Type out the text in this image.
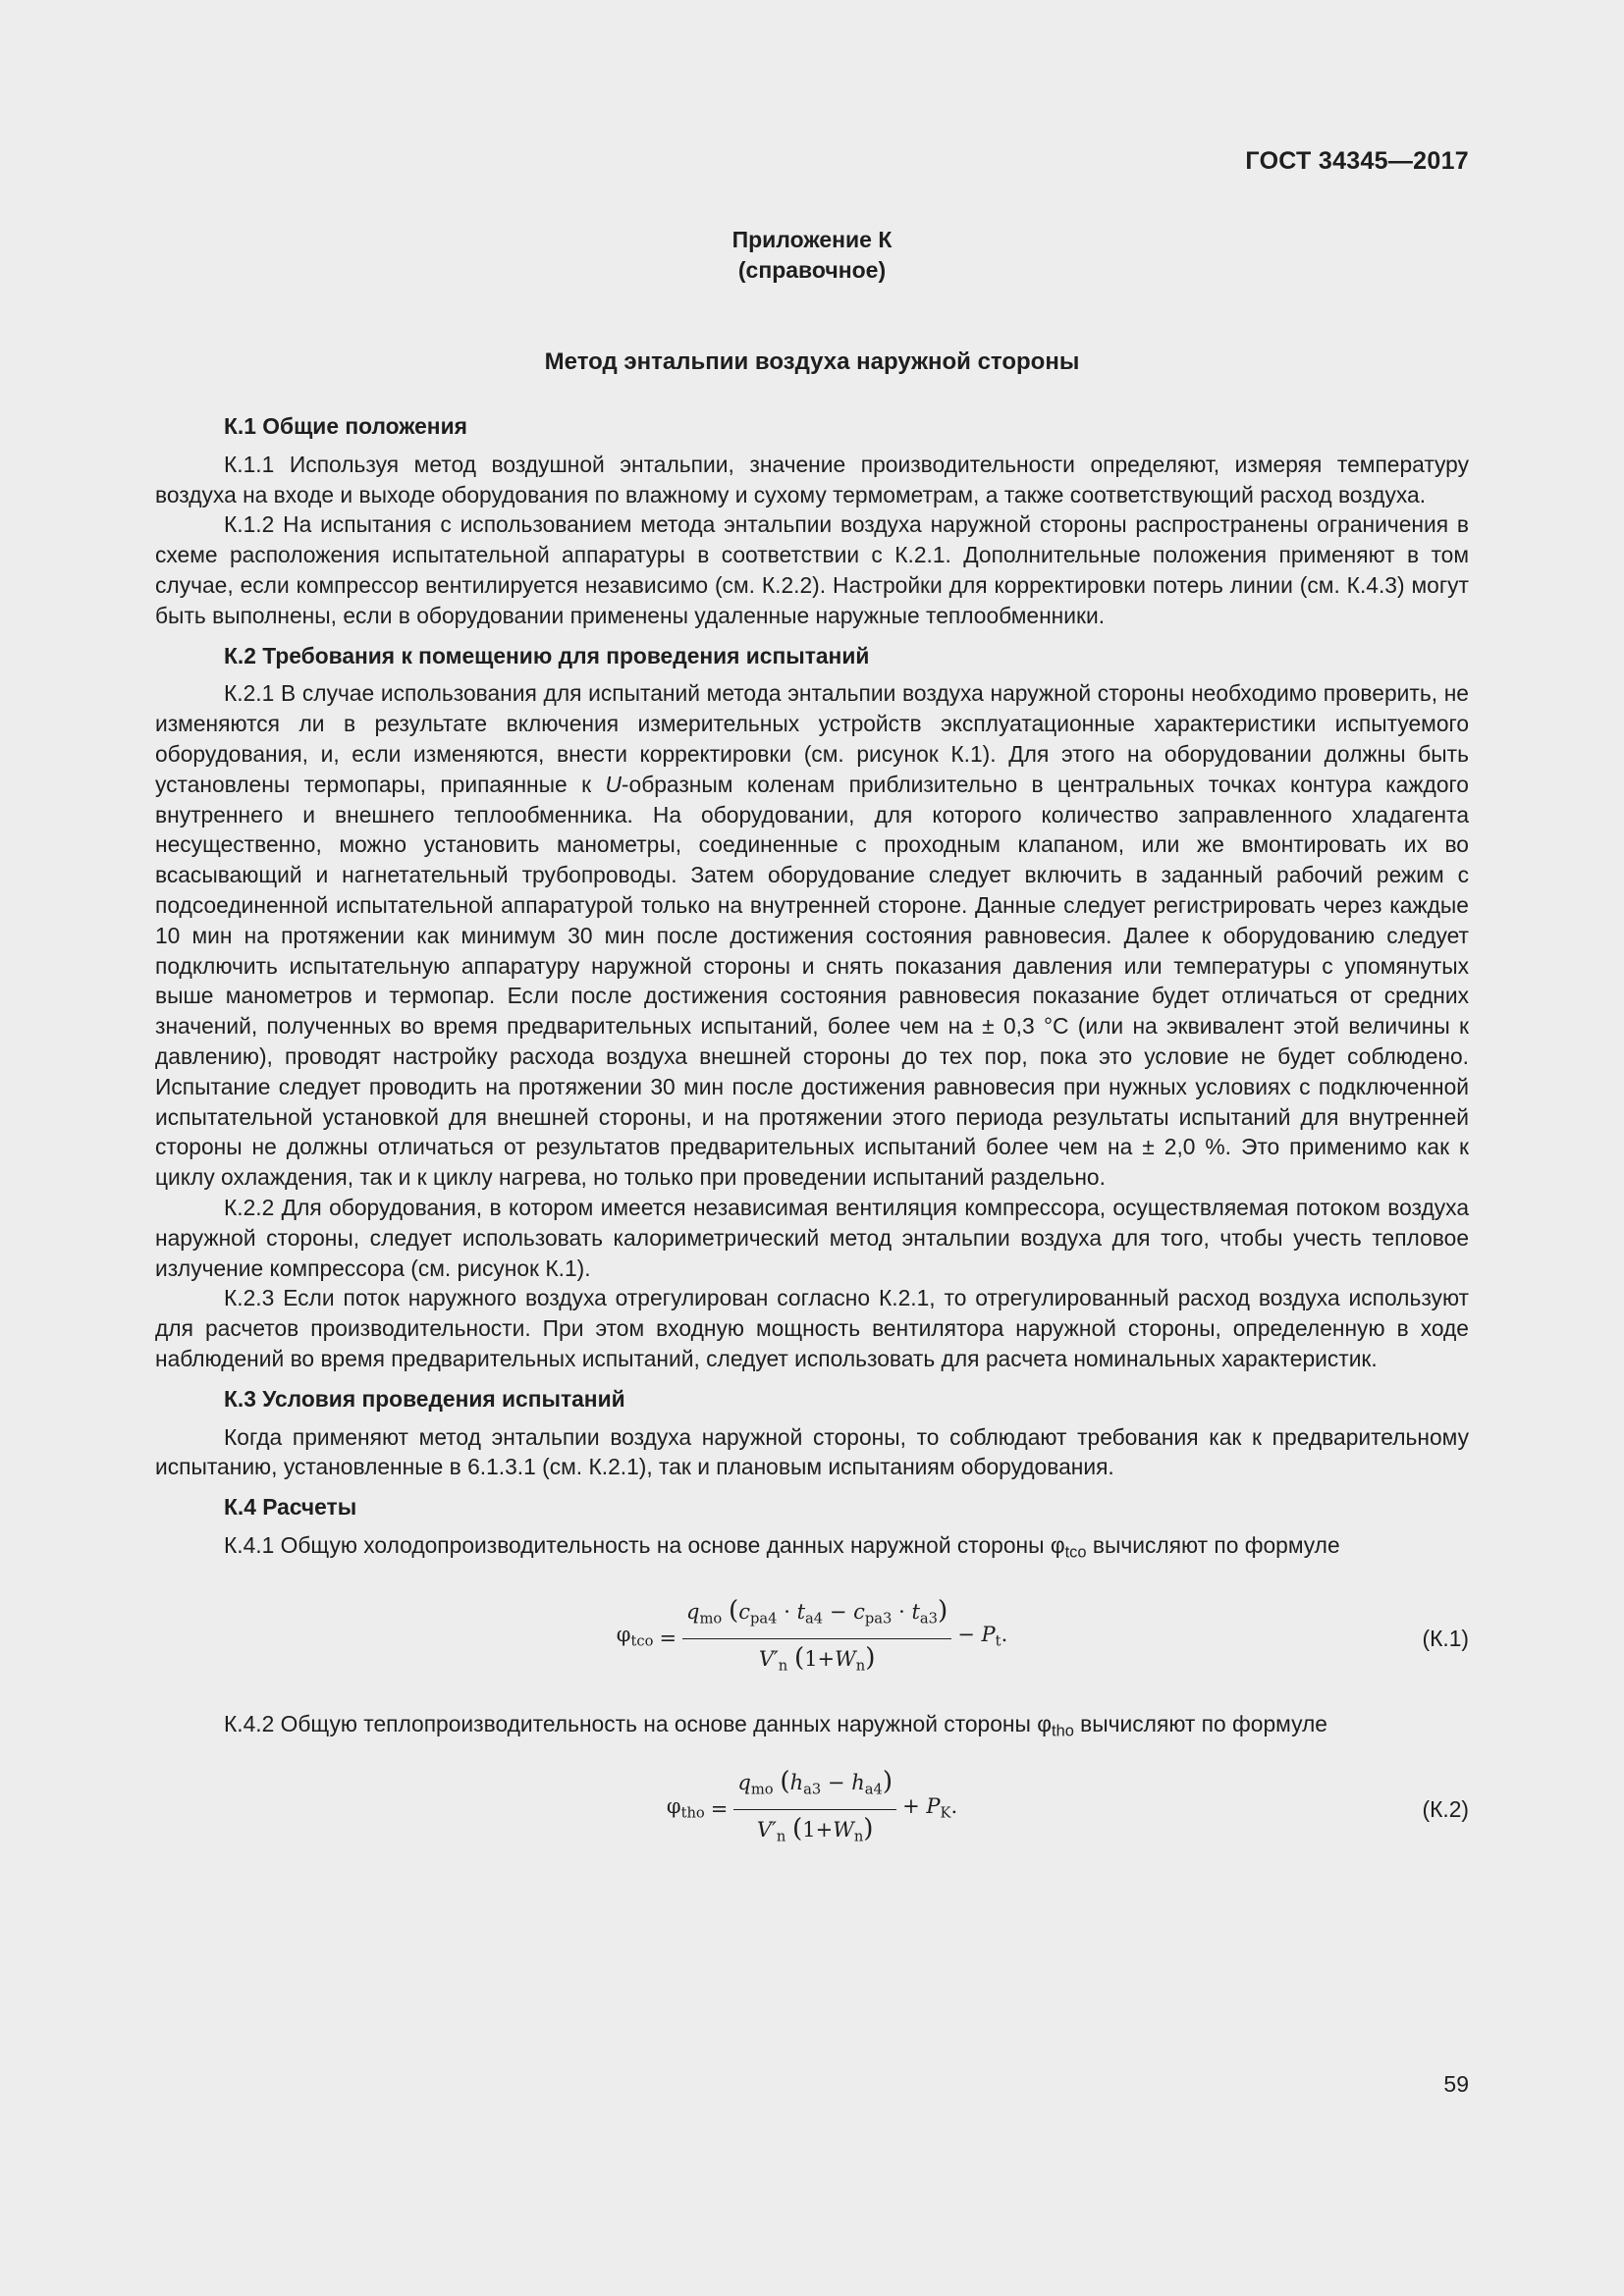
ГОСТ 34345—2017
Приложение К
(справочное)
Метод энтальпии воздуха наружной стороны
К.1 Общие положения

К.1.1 Используя метод воздушной энтальпии, значение производительности определяют, измеряя температуру воздуха на входе и выходе оборудования по влажному и сухому термометрам, а также соответствующий расход воздуха.

К.1.2 На испытания с использованием метода энтальпии воздуха наружной стороны распространены ограничения в схеме расположения испытательной аппаратуры в соответствии с К.2.1. Дополнительные положения применяют в том случае, если компрессор вентилируется независимо (см. К.2.2). Настройки для корректировки потерь линии (см. К.4.3) могут быть выполнены, если в оборудовании применены удаленные наружные теплообменники.

К.2 Требования к помещению для проведения испытаний

К.2.1 В случае использования для испытаний метода энтальпии воздуха наружной стороны необходимо проверить, не изменяются ли в результате включения измерительных устройств эксплуатационные характеристики испытуемого оборудования, и, если изменяются, внести корректировки (см. рисунок К.1). Для этого на оборудовании должны быть установлены термопары, припаянные к U-образным коленам приблизительно в центральных точках контура каждого внутреннего и внешнего теплообменника. На оборудовании, для которого количество заправленного хладагента несущественно, можно установить манометры, соединенные с проходным клапаном, или же вмонтировать их во всасывающий и нагнетательный трубопроводы. Затем оборудование следует включить в заданный рабочий режим с подсоединенной испытательной аппаратурой только на внутренней стороне. Данные следует регистрировать через каждые 10 мин на протяжении как минимум 30 мин после достижения состояния равновесия. Далее к оборудованию следует подключить испытательную аппаратуру наружной стороны и снять показания давления или температуры с упомянутых выше манометров и термопар. Если после достижения состояния равновесия показание будет отличаться от средних значений, полученных во время предварительных испытаний, более чем на ± 0,3 °С (или на эквивалент этой величины к давлению), проводят настройку расхода воздуха внешней стороны до тех пор, пока это условие не будет соблюдено. Испытание следует проводить на протяжении 30 мин после достижения равновесия при нужных условиях с подключенной испытательной установкой для внешней стороны, и на протяжении этого периода результаты испытаний для внутренней стороны не должны отличаться от результатов предварительных испытаний более чем на ± 2,0 %. Это применимо как к циклу охлаждения, так и к циклу нагрева, но только при проведении испытаний раздельно.

К.2.2 Для оборудования, в котором имеется независимая вентиляция компрессора, осуществляемая потоком воздуха наружной стороны, следует использовать калориметрический метод энтальпии воздуха для того, чтобы учесть тепловое излучение компрессора (см. рисунок К.1).

К.2.3 Если поток наружного воздуха отрегулирован согласно К.2.1, то отрегулированный расход воздуха используют для расчетов производительности. При этом входную мощность вентилятора наружной стороны, определенную в ходе наблюдений во время предварительных испытаний, следует использовать для расчета номинальных характеристик.

К.3 Условия проведения испытаний

Когда применяют метод энтальпии воздуха наружной стороны, то соблюдают требования как к предварительному испытанию, установленные в 6.1.3.1 (см. К.2.1), так и плановым испытаниям оборудования.

К.4 Расчеты

К.4.1 Общую холодопроизводительность на основе данных наружной стороны $\varphi_{tco}$ вычисляют по формуле

$\varphi_{tco}$ =
$q_{mo}$ $(c_{pa4} \cdot t_{a4} - c_{pa3} \cdot t_{a3})$
$V'_n$ $(1+W_n)$
− $P_t$.	(К.1)

К.4.2 Общую теплопроизводительность на основе данных наружной стороны $\varphi_{tho}$ вычисляют по формуле

$\varphi_{tho} = \frac{q_{mo} (h_{a3} - h_{a4})}{V'_n (1+W_n)} + P_K$.	(К.2)
59
